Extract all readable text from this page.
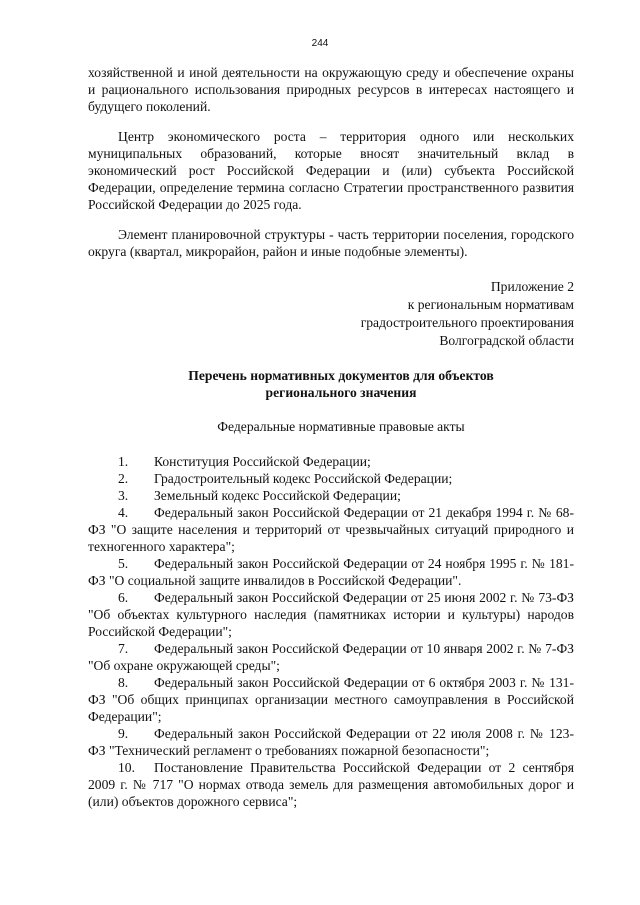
244

хозяйственной и иной деятельности на окружающую среду и обеспечение охраны и рационального использования природных ресурсов в интересах настоящего и будущего поколений.

Центр экономического роста – территория одного или нескольких муниципальных образований, которые вносят значительный вклад в экономический рост Российской Федерации и (или) субъекта Российской Федерации, определение термина согласно Стратегии пространственного развития Российской Федерации до 2025 года.

Элемент планировочной структуры - часть территории поселения, городского округа (квартал, микрорайон, район и иные подобные элементы).

Приложение 2
к региональным нормативам
градостроительного проектирования
Волгоградской области
Перечень нормативных документов для объектов
регионального значения
Федеральные нормативные правовые акты

1. Конституция Российской Федерации;

2. Градостроительный кодекс Российской Федерации;

3. Земельный кодекс Российской Федерации;

4. Федеральный закон Российской Федерации от 21 декабря 1994 г. № 68-ФЗ "О защите населения и территорий от чрезвычайных ситуаций природного и техногенного характера";

5. Федеральный закон Российской Федерации от 24 ноября 1995 г. № 181-ФЗ "О социальной защите инвалидов в Российской Федерации".

6. Федеральный закон Российской Федерации от 25 июня 2002 г. № 73-ФЗ "Об объектах культурного наследия (памятниках истории и культуры) народов Российской Федерации";

7. Федеральный закон Российской Федерации от 10 января 2002 г. № 7-ФЗ "Об охране окружающей среды";

8. Федеральный закон Российской Федерации от 6 октября 2003 г. № 131-ФЗ "Об общих принципах организации местного самоуправления в Российской Федерации";

9. Федеральный закон Российской Федерации от 22 июля 2008 г. № 123-ФЗ "Технический регламент о требованиях пожарной безопасности";

10. Постановление Правительства Российской Федерации от 2 сентября 2009 г. № 717 "О нормах отвода земель для размещения автомобильных дорог и (или) объектов дорожного сервиса";
